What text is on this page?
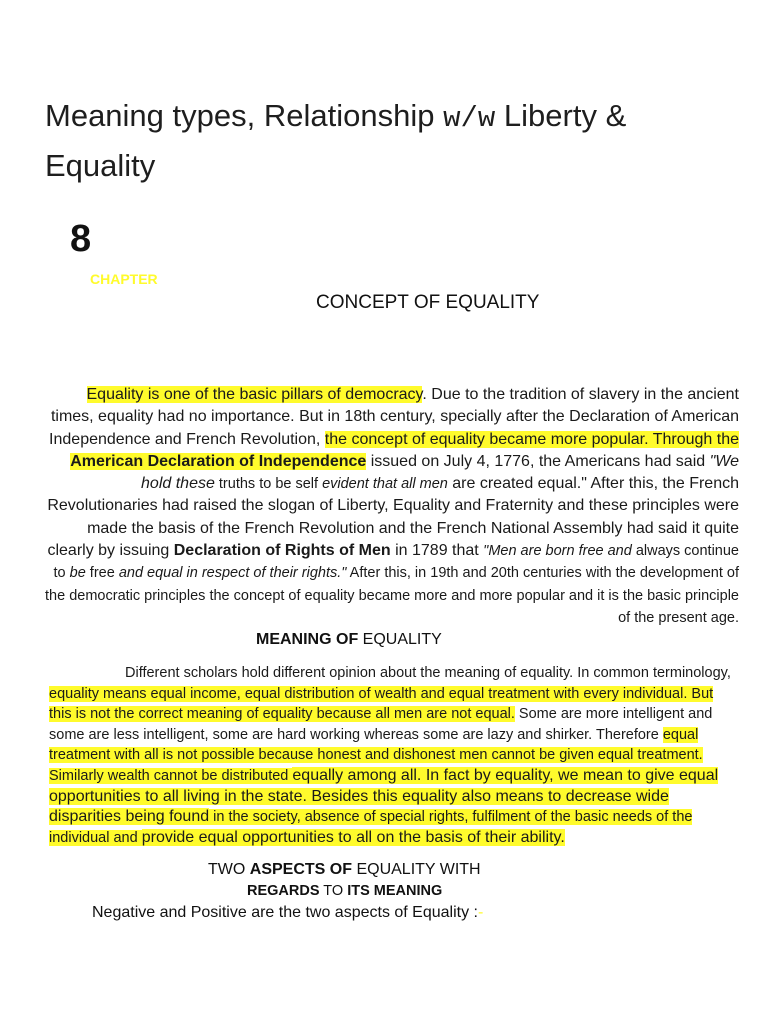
Meaning types, Relationship w/w Liberty & Equality
8
CHAPTER
CONCEPT OF EQUALITY

Equality is one of the basic pillars of democracy. Due to the tradition of slavery in the ancient times, equality had no importance. But in 18th century, specially after the Declaration of American Independence and French Revolution, the concept of equality became more popular. Through the American Declaration of Independence issued on July 4, 1776, the Americans had said "We hold these truths to be self evident that all men are created equal." After this, the French Revolutionaries had raised the slogan of Liberty, Equality and Fraternity and these principles were made the basis of the French Revolution and the French National Assembly had said it quite clearly by issuing Declaration of Rights of Men in 1789 that "Men are born free and always continue to be free and equal in respect of their rights." After this, in 19th and 20th centuries with the development of the democratic principles the concept of equality became more and more popular and it is the basic principle of the present age.

MEANING OF EQUALITY

Different scholars hold different opinion about the meaning of equality. In common terminology, equality means equal income, equal distribution of wealth and equal treatment with every individual. But this is not the correct meaning of equality because all men are not equal. Some are more intelligent and some are less intelligent, some are hard working whereas some are lazy and shirker. Therefore equal treatment with all is not possible because honest and dishonest men cannot be given equal treatment. Similarly wealth cannot be distributed equally among all. In fact by equality, we mean to give equal opportunities to all living in the state. Besides this equality also means to decrease wide disparities being found in the society, absence of special rights, fulfilment of the basic needs of the individual and provide equal opportunities to all on the basis of their ability.

TWO ASPECTS OF EQUALITY WITH
REGARDS TO ITS MEANING
Negative and Positive are the two aspects of Equality :-
